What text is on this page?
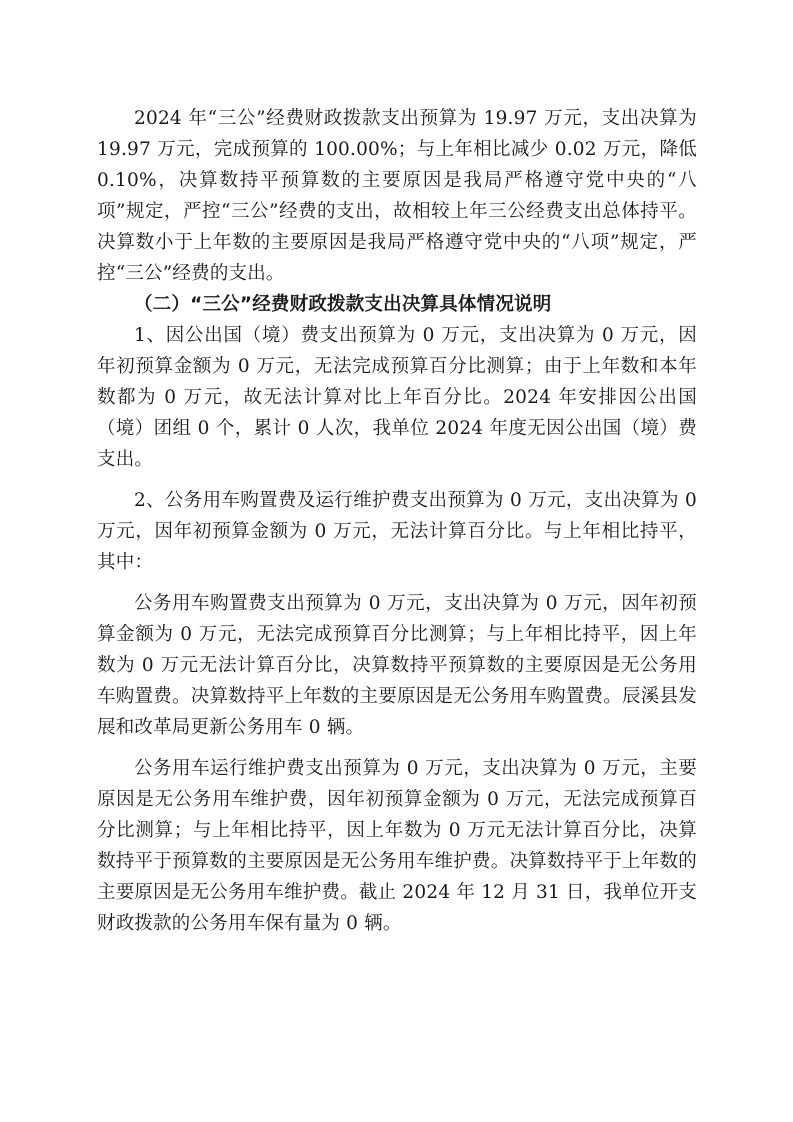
2024 年“三公”经费财政拨款支出预算为 19.97 万元，支出决算为 19.97 万元，完成预算的 100.00%；与上年相比减少 0.02 万元，降低 0.10%，决算数持平预算数的主要原因是我局严格遵守党中央的“八项”规定，严控“三公”经费的支出，故相较上年三公经费支出总体持平。决算数小于上年数的主要原因是我局严格遵守党中央的“八项”规定，严控“三公”经费的支出。

（二）“三公”经费财政拨款支出决算具体情况说明

1、因公出国（境）费支出预算为 0 万元，支出决算为 0 万元，因年初预算金额为 0 万元，无法完成预算百分比测算；由于上年数和本年数都为 0 万元，故无法计算对比上年百分比。2024 年安排因公出国（境）团组 0 个，累计 0 人次，我单位 2024 年度无因公出国（境）费支出。

2、公务用车购置费及运行维护费支出预算为 0 万元，支出决算为 0 万元，因年初预算金额为 0 万元，无法计算百分比。与上年相比持平，其中：

公务用车购置费支出预算为 0 万元，支出决算为 0 万元，因年初预算金额为 0 万元，无法完成预算百分比测算；与上年相比持平，因上年数为 0 万元无法计算百分比，决算数持平预算数的主要原因是无公务用车购置费。决算数持平上年数的主要原因是无公务用车购置费。辰溪县发展和改革局更新公务用车 0 辆。

公务用车运行维护费支出预算为 0 万元，支出决算为 0 万元，主要原因是无公务用车维护费，因年初预算金额为 0 万元，无法完成预算百分比测算；与上年相比持平，因上年数为 0 万元无法计算百分比，决算数持平于预算数的主要原因是无公务用车维护费。决算数持平于上年数的主要原因是无公务用车维护费。截止 2024 年 12 月 31 日，我单位开支财政拨款的公务用车保有量为 0 辆。
